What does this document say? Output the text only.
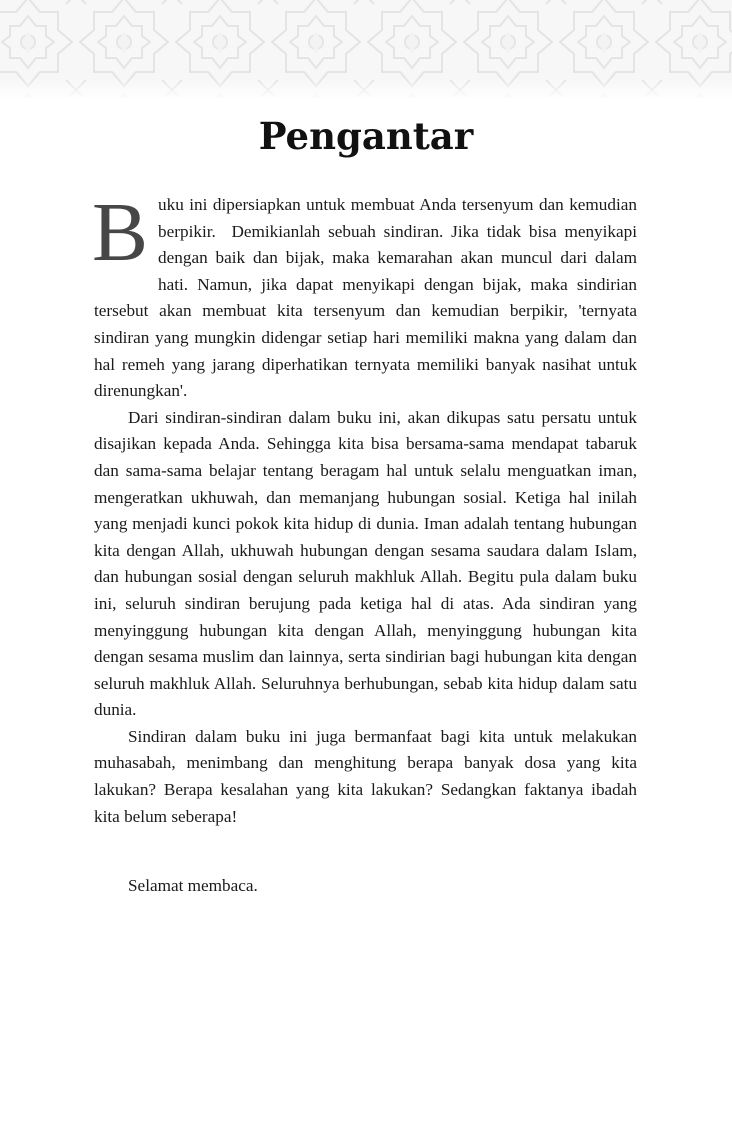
Pengantar

Buku ini dipersiapkan untuk membuat Anda tersenyum dan kemudian berpikir.  Demikianlah sebuah sindiran. Jika tidak bisa menyikapi dengan baik dan bijak, maka kemarahan akan muncul dari dalam hati. Namun, jika dapat menyikapi dengan bijak, maka sindirian tersebut akan membuat kita tersenyum dan kemudian berpikir, 'ternyata sindiran yang mungkin didengar setiap hari memiliki makna yang dalam dan hal remeh yang jarang diperhatikan ternyata memiliki banyak nasihat untuk direnungkan'.

Dari sindiran-sindiran dalam buku ini, akan dikupas satu persatu untuk disajikan kepada Anda. Sehingga kita bisa bersama-sama mendapat tabaruk dan sama-sama belajar tentang beragam hal untuk selalu menguatkan iman, mengeratkan ukhuwah, dan memanjang hubungan sosial. Ketiga hal inilah yang menjadi kunci pokok kita hidup di dunia. Iman adalah tentang hubungan kita dengan Allah, ukhuwah hubungan dengan sesama saudara dalam Islam, dan hubungan sosial dengan seluruh makhluk Allah. Begitu pula dalam buku ini, seluruh sindiran berujung pada ketiga hal di atas. Ada sindiran yang menyinggung hubungan kita dengan Allah, menyinggung hubungan kita dengan sesama muslim dan lainnya, serta sindirian bagi hubungan kita dengan seluruh makhluk Allah. Seluruhnya berhubungan, sebab kita hidup dalam satu dunia.

Sindiran dalam buku ini juga bermanfaat bagi kita untuk melakukan muhasabah, menimbang dan menghitung berapa banyak dosa yang kita lakukan? Berapa kesalahan yang kita lakukan? Sedangkan faktanya ibadah kita belum seberapa!

Selamat membaca.
